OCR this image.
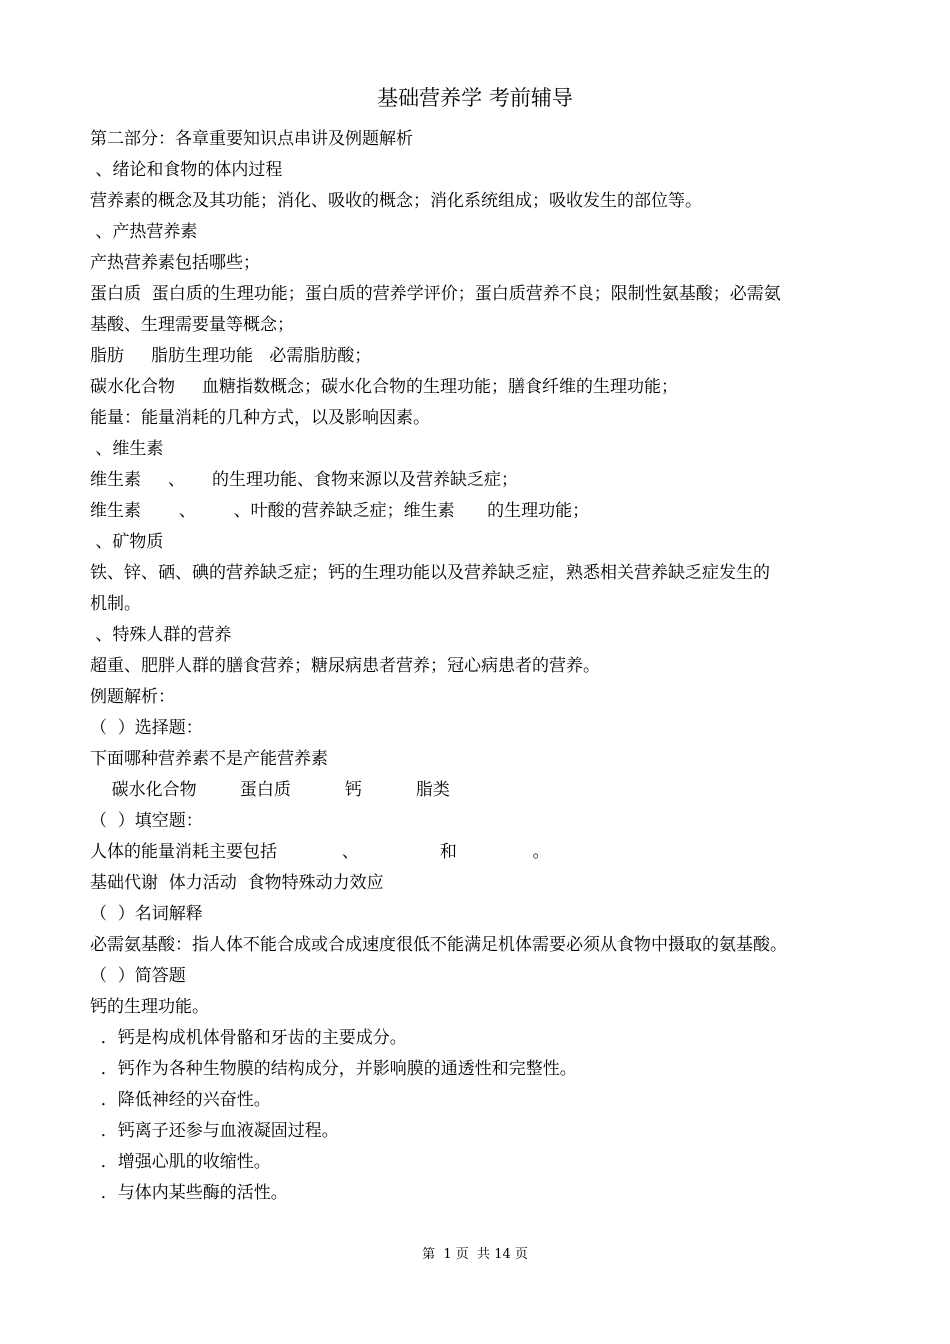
基础营养学 考前辅导
第二部分：各章重要知识点串讲及例题解析
、绪论和食物的体内过程
营养素的概念及其功能；消化、吸收的概念；消化系统组成；吸收发生的部位等。
、产热营养素
产热营养素包括哪些；
蛋白质  蛋白质的生理功能；蛋白质的营养学评价；蛋白质营养不良；限制性氨基酸；必需氨
基酸、生理需要量等概念；
脂肪     脂肪生理功能   必需脂肪酸；
碳水化合物     血糖指数概念；碳水化合物的生理功能；膳食纤维的生理功能；
能量：能量消耗的几种方式，以及影响因素。
、维生素
维生素     、     的生理功能、食物来源以及营养缺乏症；
维生素       、       、叶酸的营养缺乏症；维生素      的生理功能；
、矿物质
铁、锌、硒、碘的营养缺乏症；钙的生理功能以及营养缺乏症，熟悉相关营养缺乏症发生的
机制。
、特殊人群的营养
超重、肥胖人群的膳食营养；糖尿病患者营养；冠心病患者的营养。
例题解析：
（  ）选择题：
下面哪种营养素不是产能营养素
碳水化合物        蛋白质          钙          脂类
（  ）填空题：
人体的能量消耗主要包括            、               和              。
基础代谢  体力活动  食物特殊动力效应
（  ）名词解释
必需氨基酸：指人体不能合成或合成速度很低不能满足机体需要必须从食物中摄取的氨基酸。
（  ）简答题
钙的生理功能。
．钙是构成机体骨骼和牙齿的主要成分。
．钙作为各种生物膜的结构成分，并影响膜的通透性和完整性。
．降低神经的兴奋性。
．钙离子还参与血液凝固过程。
．增强心肌的收缩性。
．与体内某些酶的活性。
第  1 页  共 14 页
